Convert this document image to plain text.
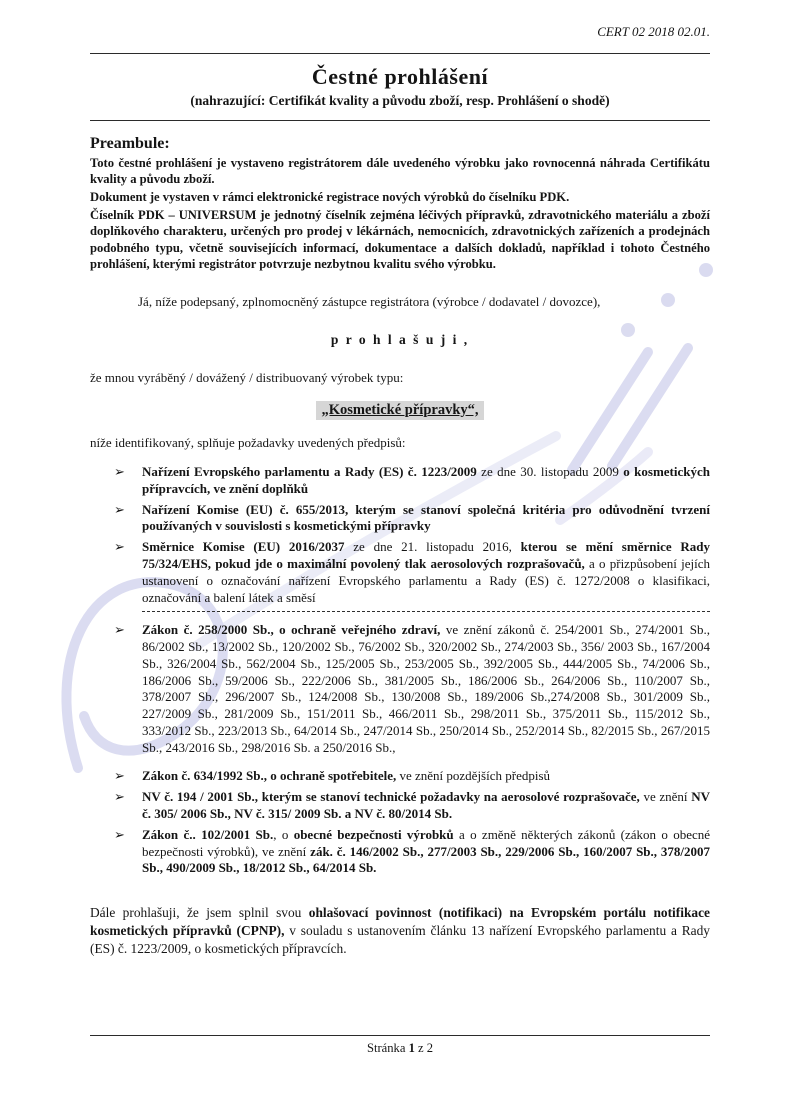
CERT 02 2018 02.01.
Čestné prohlášení
(nahrazující: Certifikát kvality a původu zboží, resp. Prohlášení o shodě)
Preambule:

Toto čestné prohlášení je vystaveno registrátorem dále uvedeného výrobku jako rovnocenná náhrada Certifikátu kvality a původu zboží.

Dokument je vystaven v rámci elektronické registrace nových výrobků do číselníku PDK.

Číselník PDK – UNIVERSUM je jednotný číselník zejména léčivých přípravků, zdravotnického materiálu a zboží doplňkového charakteru, určených pro prodej v lékárnách, nemocnicích, zdravotnických zařízeních a prodejnách podobného typu, včetně souvisejících informací, dokumentace a dalších dokladů, například i tohoto Čestného prohlášení, kterými registrátor potvrzuje nezbytnou kvalitu svého výrobku.

Já, níže podepsaný, zplnomocněný zástupce registrátora (výrobce / dodavatel / dovozce),

p r o h l a š u j i ,

že mnou vyráběný / dovážený / distribuovaný výrobek typu:

„Kosmetické přípravky“,

níže identifikovaný, splňuje požadavky uvedených předpisů:

➢ Nařízení Evropského parlamentu a Rady (ES) č. 1223/2009 ze dne 30. listopadu 2009 o kosmetických přípravcích, ve znění doplňků
➢ Nařízení Komise (EU) č. 655/2013, kterým se stanoví společná kritéria pro odůvodnění tvrzení používaných v souvislosti s kosmetickými přípravky
➢ Směrnice Komise (EU) 2016/2037 ze dne 21. listopadu 2016, kterou se mění směrnice Rady 75/324/EHS, pokud jde o maximální povolený tlak aerosolových rozprašovačů, a o přizpůsobení jejích ustanovení o označování nařízení Evropského parlamentu a Rady (ES) č. 1272/2008 o klasifikaci, označování a balení látek a směsí
➢ Zákon č. 258/2000 Sb., o ochraně veřejného zdraví, ve znění zákonů č. 254/2001 Sb., 274/2001 Sb., 86/2002 Sb., 13/2002 Sb., 120/2002 Sb., 76/2002 Sb., 320/2002 Sb., 274/2003 Sb., 356/ 2003 Sb., 167/2004 Sb., 326/2004 Sb., 562/2004 Sb., 125/2005 Sb., 253/2005 Sb., 392/2005 Sb., 444/2005 Sb., 74/2006 Sb., 186/2006 Sb., 59/2006 Sb., 222/2006 Sb., 381/2005 Sb., 186/2006 Sb., 264/2006 Sb., 110/2007 Sb., 378/2007 Sb., 296/2007 Sb., 124/2008 Sb., 130/2008 Sb., 189/2006 Sb.,274/2008 Sb., 301/2009 Sb., 227/2009 Sb., 281/2009 Sb., 151/2011 Sb., 466/2011 Sb., 298/2011 Sb., 375/2011 Sb., 115/2012 Sb., 333/2012 Sb., 223/2013 Sb., 64/2014 Sb., 247/2014 Sb., 250/2014 Sb., 252/2014 Sb., 82/2015 Sb., 267/2015 Sb., 243/2016 Sb., 298/2016 Sb. a 250/2016 Sb.,
➢ Zákon č. 634/1992 Sb., o ochraně spotřebitele, ve znění pozdějších předpisů
➢ NV č. 194 / 2001 Sb., kterým se stanoví technické požadavky na aerosolové rozprašovače, ve znění NV č. 305/ 2006 Sb., NV č. 315/ 2009 Sb. a NV č. 80/2014 Sb.
➢ Zákon č.. 102/2001 Sb., o obecné bezpečnosti výrobků a o změně některých zákonů (zákon o obecné bezpečnosti výrobků), ve znění zák. č. 146/2002 Sb., 277/2003 Sb., 229/2006 Sb., 160/2007 Sb., 378/2007 Sb., 490/2009 Sb., 18/2012 Sb., 64/2014 Sb.

Dále prohlašuji, že jsem splnil svou ohlašovací povinnost (notifikaci) na Evropském portálu notifikace kosmetických přípravků (CPNP), v souladu s ustanovením článku 13 nařízení Evropského parlamentu a Rady (ES) č. 1223/2009, o kosmetických přípravcích.

Stránka 1 z 2
